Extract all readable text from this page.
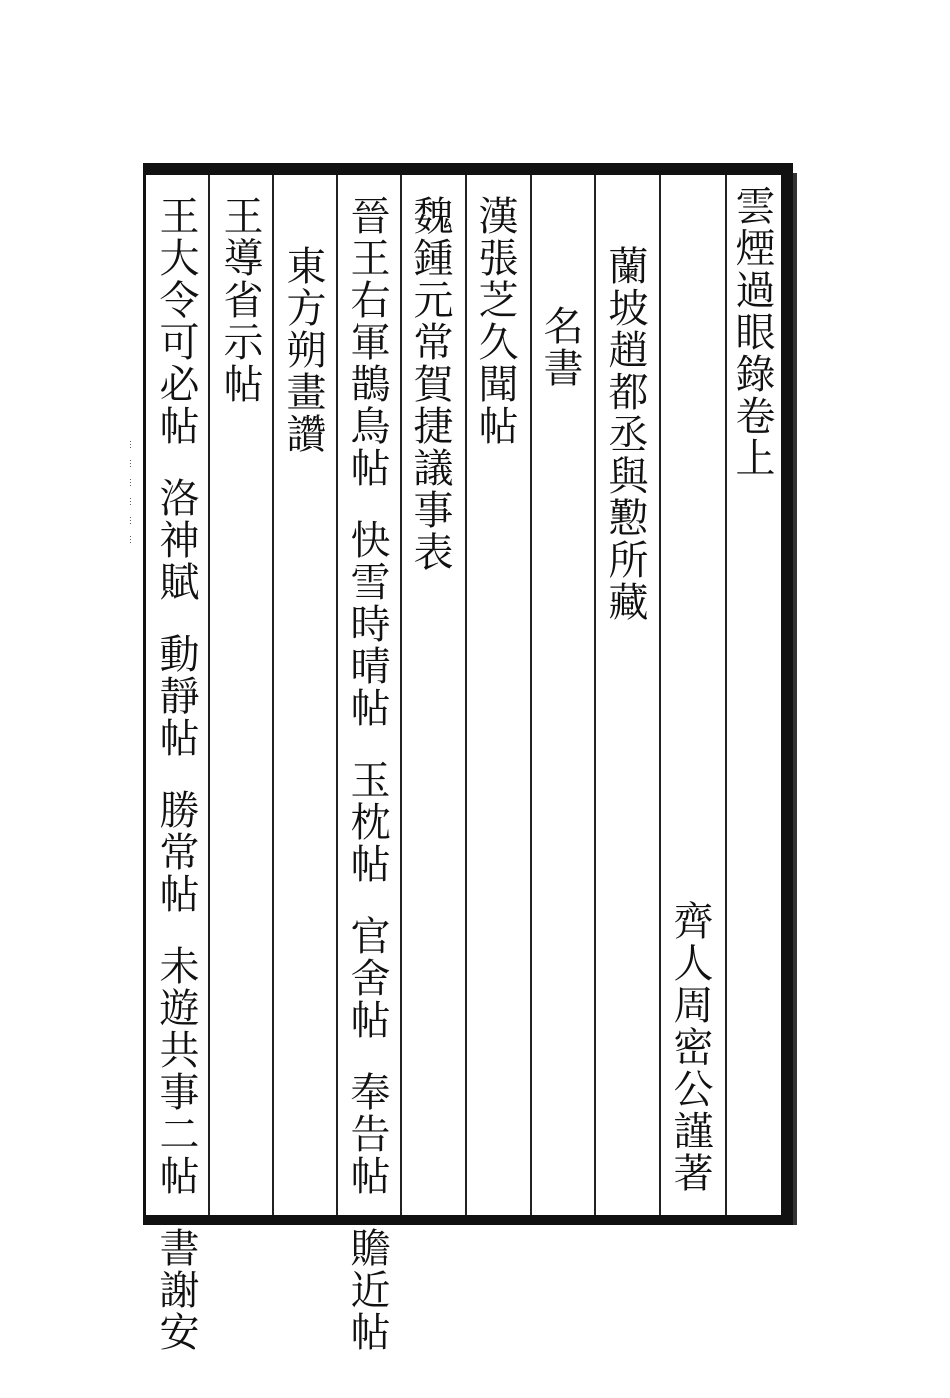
︙ ︙ ︙ ︙ ︙ ︙
雲煙過眼錄卷上
齊人周密公謹著
蘭坡趙都丞與懃所藏
名書
漢張芝久聞帖
魏鍾元常賀捷議事表
晉王右軍鵲鳥帖快雪時晴帖玉枕帖官舍帖奉告帖贍近帖
東方朔畫讚
王導省示帖
王大令可必帖洛神賦動靜帖勝常帖未遊共事二帖書謝安
